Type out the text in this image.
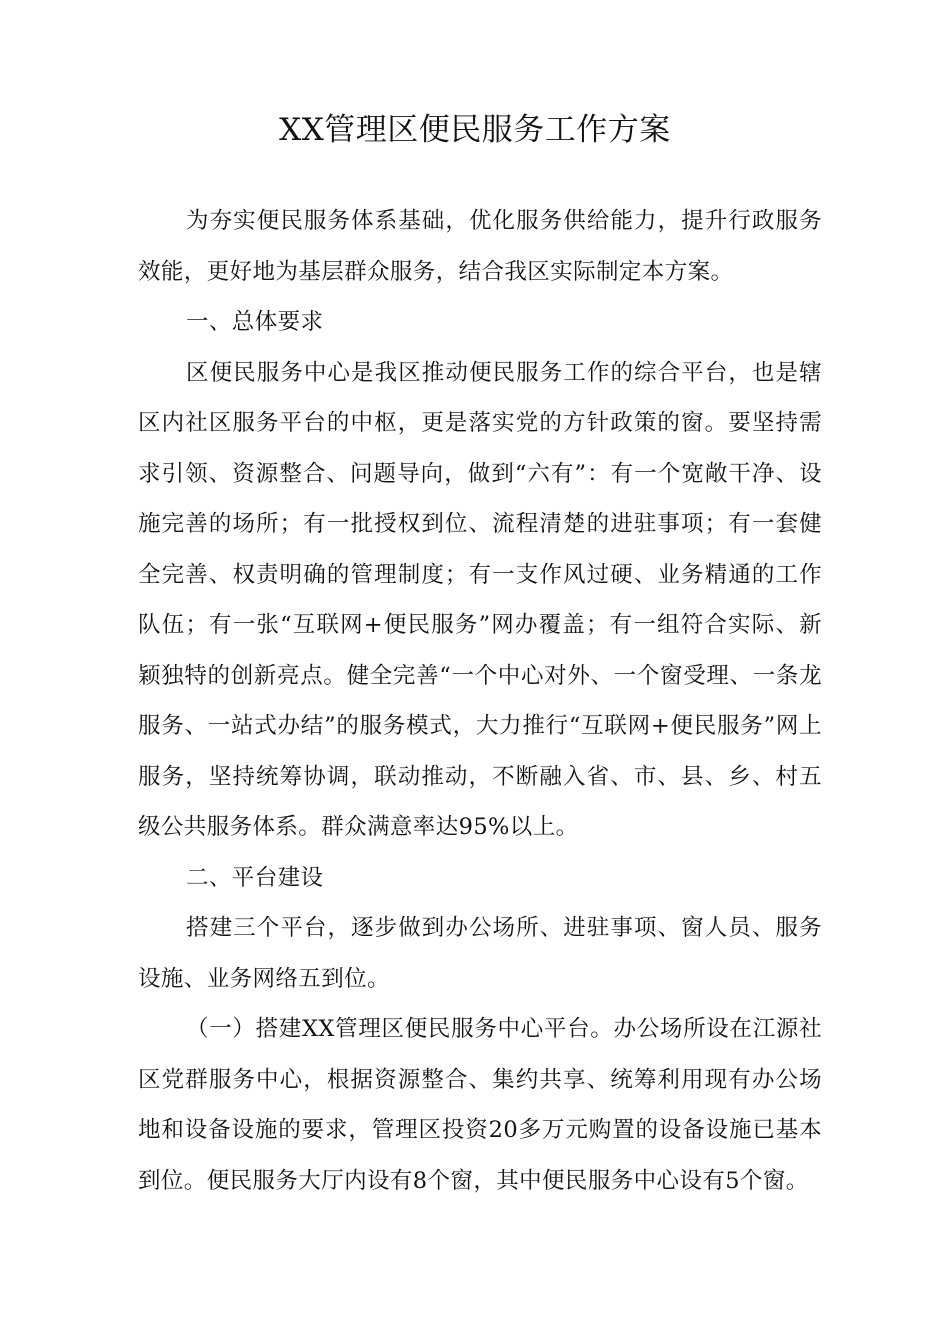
XX管理区便民服务工作方案

为夯实便民服务体系基础，优化服务供给能力，提升行政服务效能，更好地为基层群众服务，结合我区实际制定本方案。

一、总体要求

区便民服务中心是我区推动便民服务工作的综合平台，也是辖区内社区服务平台的中枢，更是落实党的方针政策的窗。要坚持需求引领、资源整合、问题导向，做到“六有”：有一个宽敞干净、设施完善的场所；有一批授权到位、流程清楚的进驻事项；有一套健全完善、权责明确的管理制度；有一支作风过硬、业务精通的工作队伍；有一张“互联网+便民服务”网办覆盖；有一组符合实际、新颖独特的创新亮点。健全完善“一个中心对外、一个窗受理、一条龙服务、一站式办结”的服务模式，大力推行“互联网+便民服务”网上服务，坚持统筹协调，联动推动，不断融入省、市、县、乡、村五级公共服务体系。群众满意率达95%以上。

二、平台建设

搭建三个平台，逐步做到办公场所、进驻事项、窗人员、服务设施、业务网络五到位。

（一）搭建XX管理区便民服务中心平台。办公场所设在江源社区党群服务中心，根据资源整合、集约共享、统筹利用现有办公场地和设备设施的要求，管理区投资20多万元购置的设备设施已基本到位。便民服务大厅内设有8个窗，其中便民服务中心设有5个窗。
